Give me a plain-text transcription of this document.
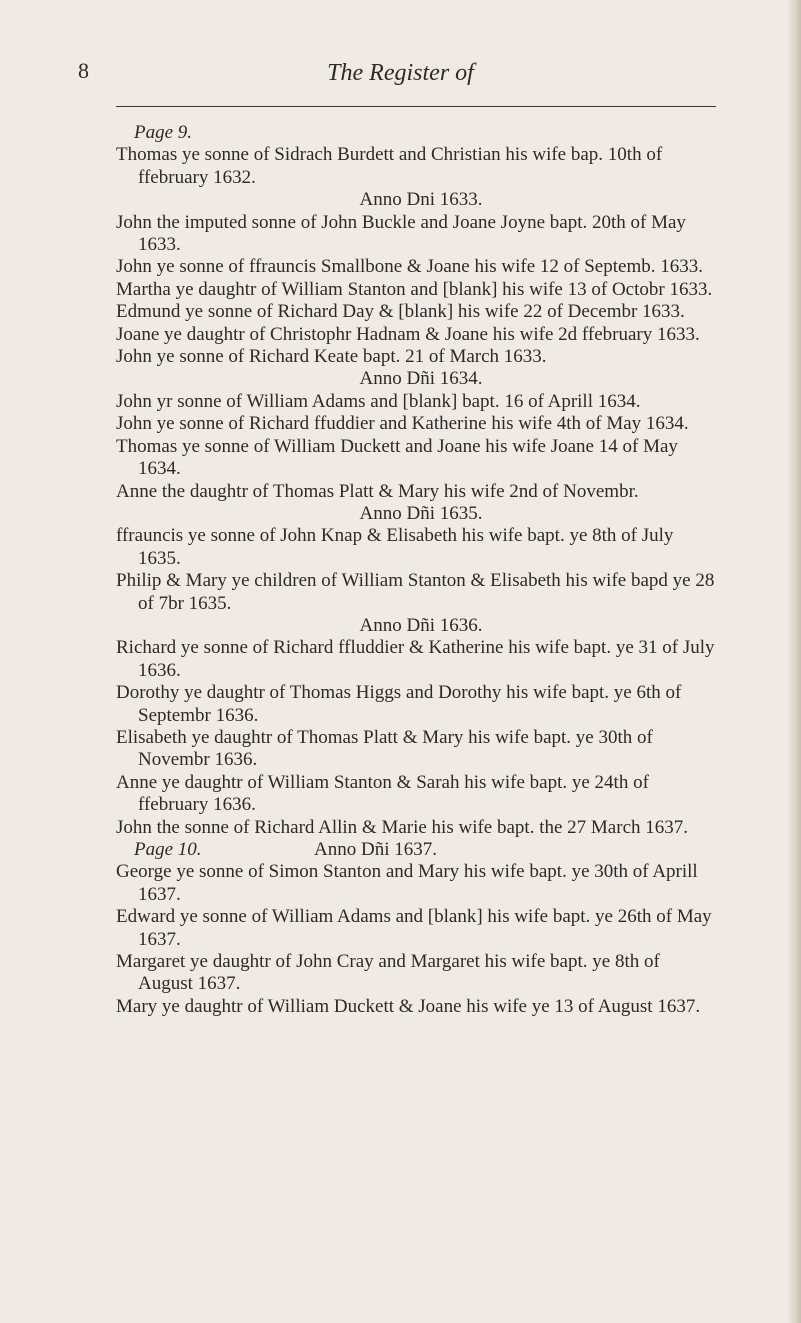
8	The Register of

Page 9.

Thomas ye sonne of Sidrach Burdett and Christian his wife bap. 10th of ffebruary 1632.

Anno Dni 1633.

John the imputed sonne of John Buckle and Joane Joyne bapt. 20th of May 1633.

John ye sonne of ffrauncis Smallbone & Joane his wife 12 of Septemb. 1633.

Martha ye daughtr of William Stanton and [blank] his wife 13 of Octobr 1633.

Edmund ye sonne of Richard Day & [blank] his wife 22 of Decembr 1633.

Joane ye daughtr of Christophr Hadnam & Joane his wife 2d ffebruary 1633.

John ye sonne of Richard Keate bapt. 21 of March 1633.

Anno Dñi 1634.

John yr sonne of William Adams and [blank] bapt. 16 of Aprill 1634.

John ye sonne of Richard ffuddier and Katherine his wife 4th of May 1634.

Thomas ye sonne of William Duckett and Joane his wife Joane 14 of May 1634.

Anne the daughtr of Thomas Platt & Mary his wife 2nd of Novembr.

Anno Dñi 1635.

ffrauncis ye sonne of John Knap & Elisabeth his wife bapt. ye 8th of July 1635.

Philip & Mary ye children of William Stanton & Elisabeth his wife bapd ye 28 of 7br 1635.

Anno Dñi 1636.

Richard ye sonne of Richard ffluddier & Katherine his wife bapt. ye 31 of July 1636.

Dorothy ye daughtr of Thomas Higgs and Dorothy his wife bapt. ye 6th of Septembr 1636.

Elisabeth ye daughtr of Thomas Platt & Mary his wife bapt. ye 30th of Novembr 1636.

Anne ye daughtr of William Stanton & Sarah his wife bapt. ye 24th of ffebruary 1636.

John the sonne of Richard Allin & Marie his wife bapt. the 27 March 1637.

Page 10.	Anno Dñi 1637.

George ye sonne of Simon Stanton and Mary his wife bapt. ye 30th of Aprill 1637.

Edward ye sonne of William Adams and [blank] his wife bapt. ye 26th of May 1637.

Margaret ye daughtr of John Cray and Margaret his wife bapt. ye 8th of August 1637.

Mary ye daughtr of William Duckett & Joane his wife ye 13 of August 1637.
